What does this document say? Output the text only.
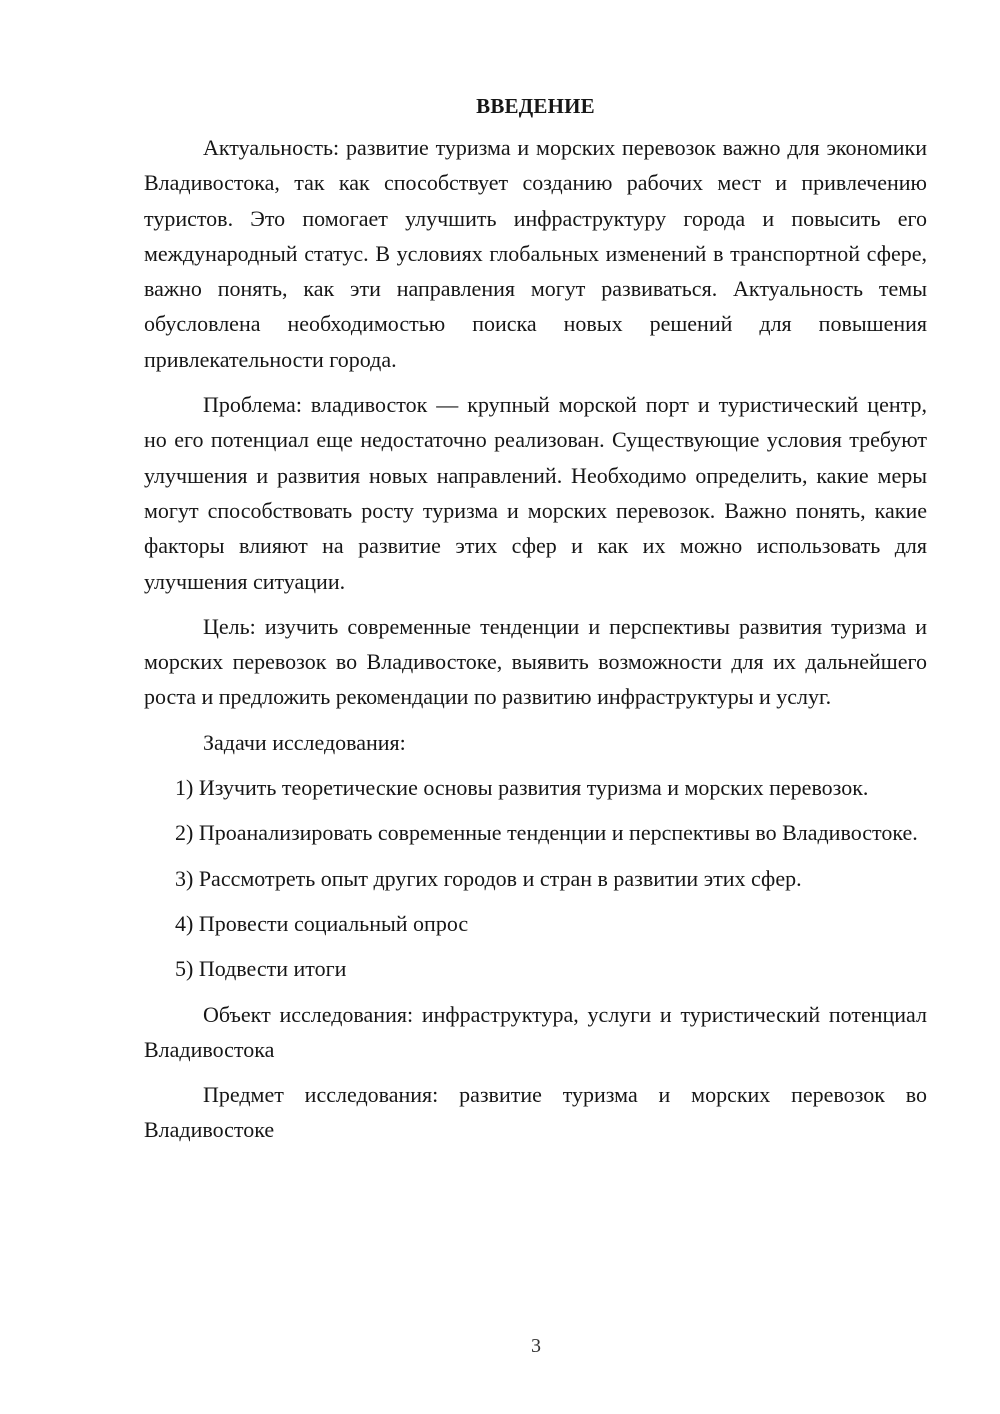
ВВЕДЕНИЕ

Актуальность: развитие туризма и морских перевозок важно для экономики Владивостока, так как способствует созданию рабочих мест и привлечению туристов. Это помогает улучшить инфраструктуру города и повысить его международный статус. В условиях глобальных изменений в транспортной сфере, важно понять, как эти направления могут развиваться. Актуальность темы обусловлена необходимостью поиска новых решений для повышения привлекательности города.

Проблема: владивосток — крупный морской порт и туристический центр, но его потенциал еще недостаточно реализован. Существующие условия требуют улучшения и развития новых направлений. Необходимо определить, какие меры могут способствовать росту туризма и морских перевозок. Важно понять, какие факторы влияют на развитие этих сфер и как их можно использовать для улучшения ситуации.

Цель: изучить современные тенденции и перспективы развития туризма и морских перевозок во Владивостоке, выявить возможности для их дальнейшего роста и предложить рекомендации по развитию инфраструктуры и услуг.

Задачи исследования:

1) Изучить теоретические основы развития туризма и морских перевозок.

2) Проанализировать современные тенденции и перспективы во Владивостоке.

3) Рассмотреть опыт других городов и стран в развитии этих сфер.

4) Провести социальный опрос

5) Подвести итоги

Объект исследования: инфраструктура, услуги и туристический потенциал Владивостока

Предмет исследования: развитие туризма и морских перевозок во Владивостоке

3
